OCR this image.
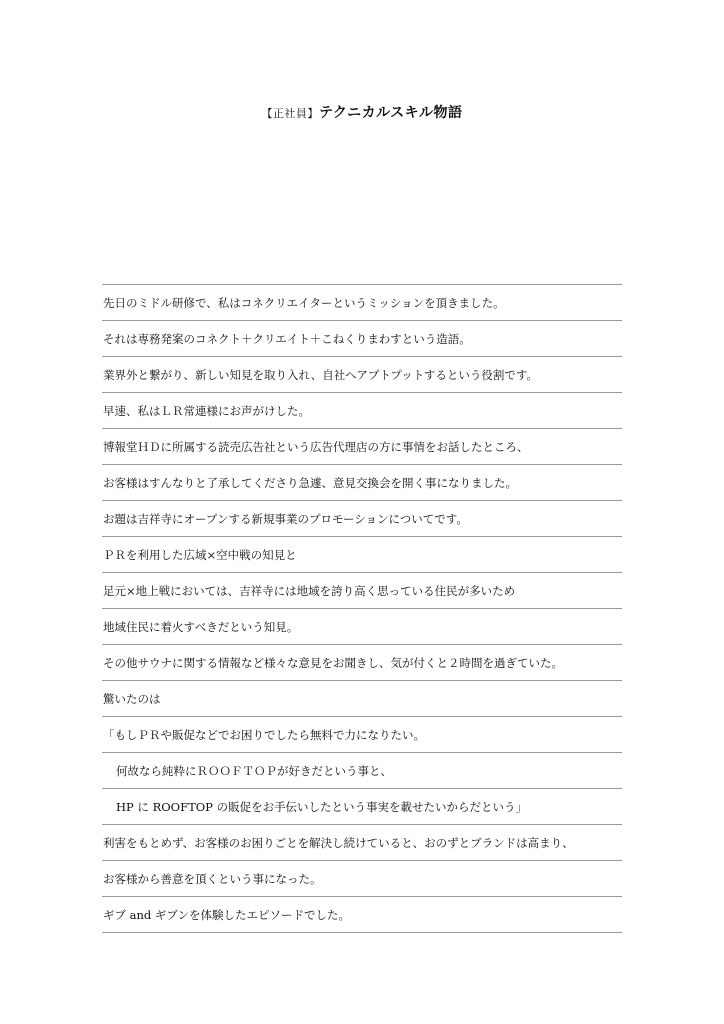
【正社員】テクニカルスキル物語
先日のミドル研修で、私はコネクリエイターというミッションを頂きました。
それは専務発案のコネクト＋クリエイト＋こねくりまわすという造語。
業界外と繋がり、新しい知見を取り入れ、自社へアプトプットするという役割です。
早速、私はＬＲ常連様にお声がけした。
博報堂ＨＤに所属する読売広告社という広告代理店の方に事情をお話したところ、
お客様はすんなりと了承してくださり急遽、意見交換会を開く事になりました。
お題は吉祥寺にオープンする新規事業のプロモーションについてです。
ＰＲを利用した広域×空中戦の知見と
足元×地上戦においては、吉祥寺には地域を誇り高く思っている住民が多いため
地域住民に着火すべきだという知見。
その他サウナに関する情報など様々な意見をお聞きし、気が付くと２時間を過ぎていた。
驚いたのは
「もしＰＲや販促などでお困りでしたら無料で力になりたい。
何故なら純粋にＲＯＯＦＴＯＰが好きだという事と、
HP に ROOFTOP の販促をお手伝いしたという事実を載せたいからだという」
利害をもとめず、お客様のお困りごとを解決し続けていると、おのずとブランドは高まり、
お客様から善意を頂くという事になった。
ギブ and ギブンを体験したエピソードでした。
